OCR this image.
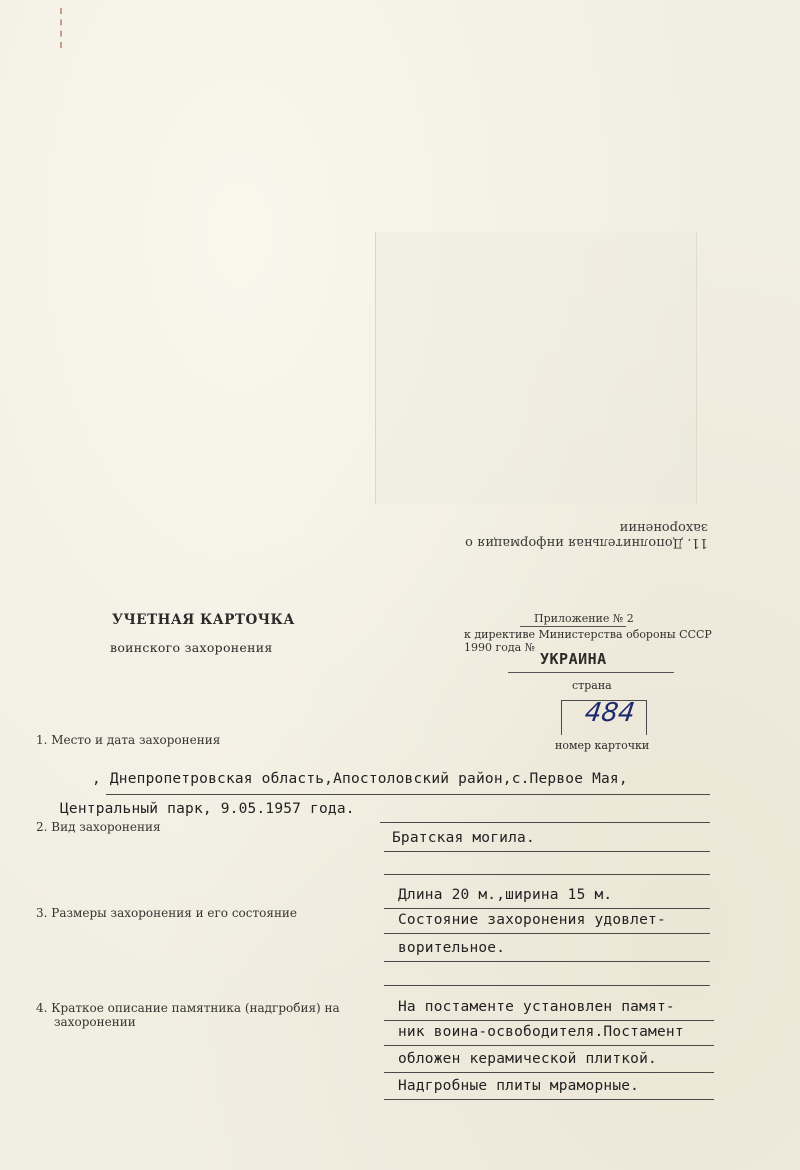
11. Дополнительная информация о захоронении
УЧЕТНАЯ КАРТОЧКА
воинского захоронения
Приложение № 2
к директиве Министерства обороны СССР
1990 года №
УКРАИНА
страна
484
номер карточки
1. Место и дата захоронения
, Днепропетровская область,Апостоловский район,с.Первое Мая,
Центральный парк, 9.05.1957 года.
2. Вид захоронения
Братская могила.
3. Размеры захоронения и его состояние
Длина 20 м.,ширина 15 м.
Состояние захоронения удовлет-
ворительное.
4. Краткое описание памятника (надгробия) на
захоронении
На постаменте установлен памят-
ник воина-освободителя.Постамент
обложен керамической плиткой.
Надгробные плиты мраморные.
